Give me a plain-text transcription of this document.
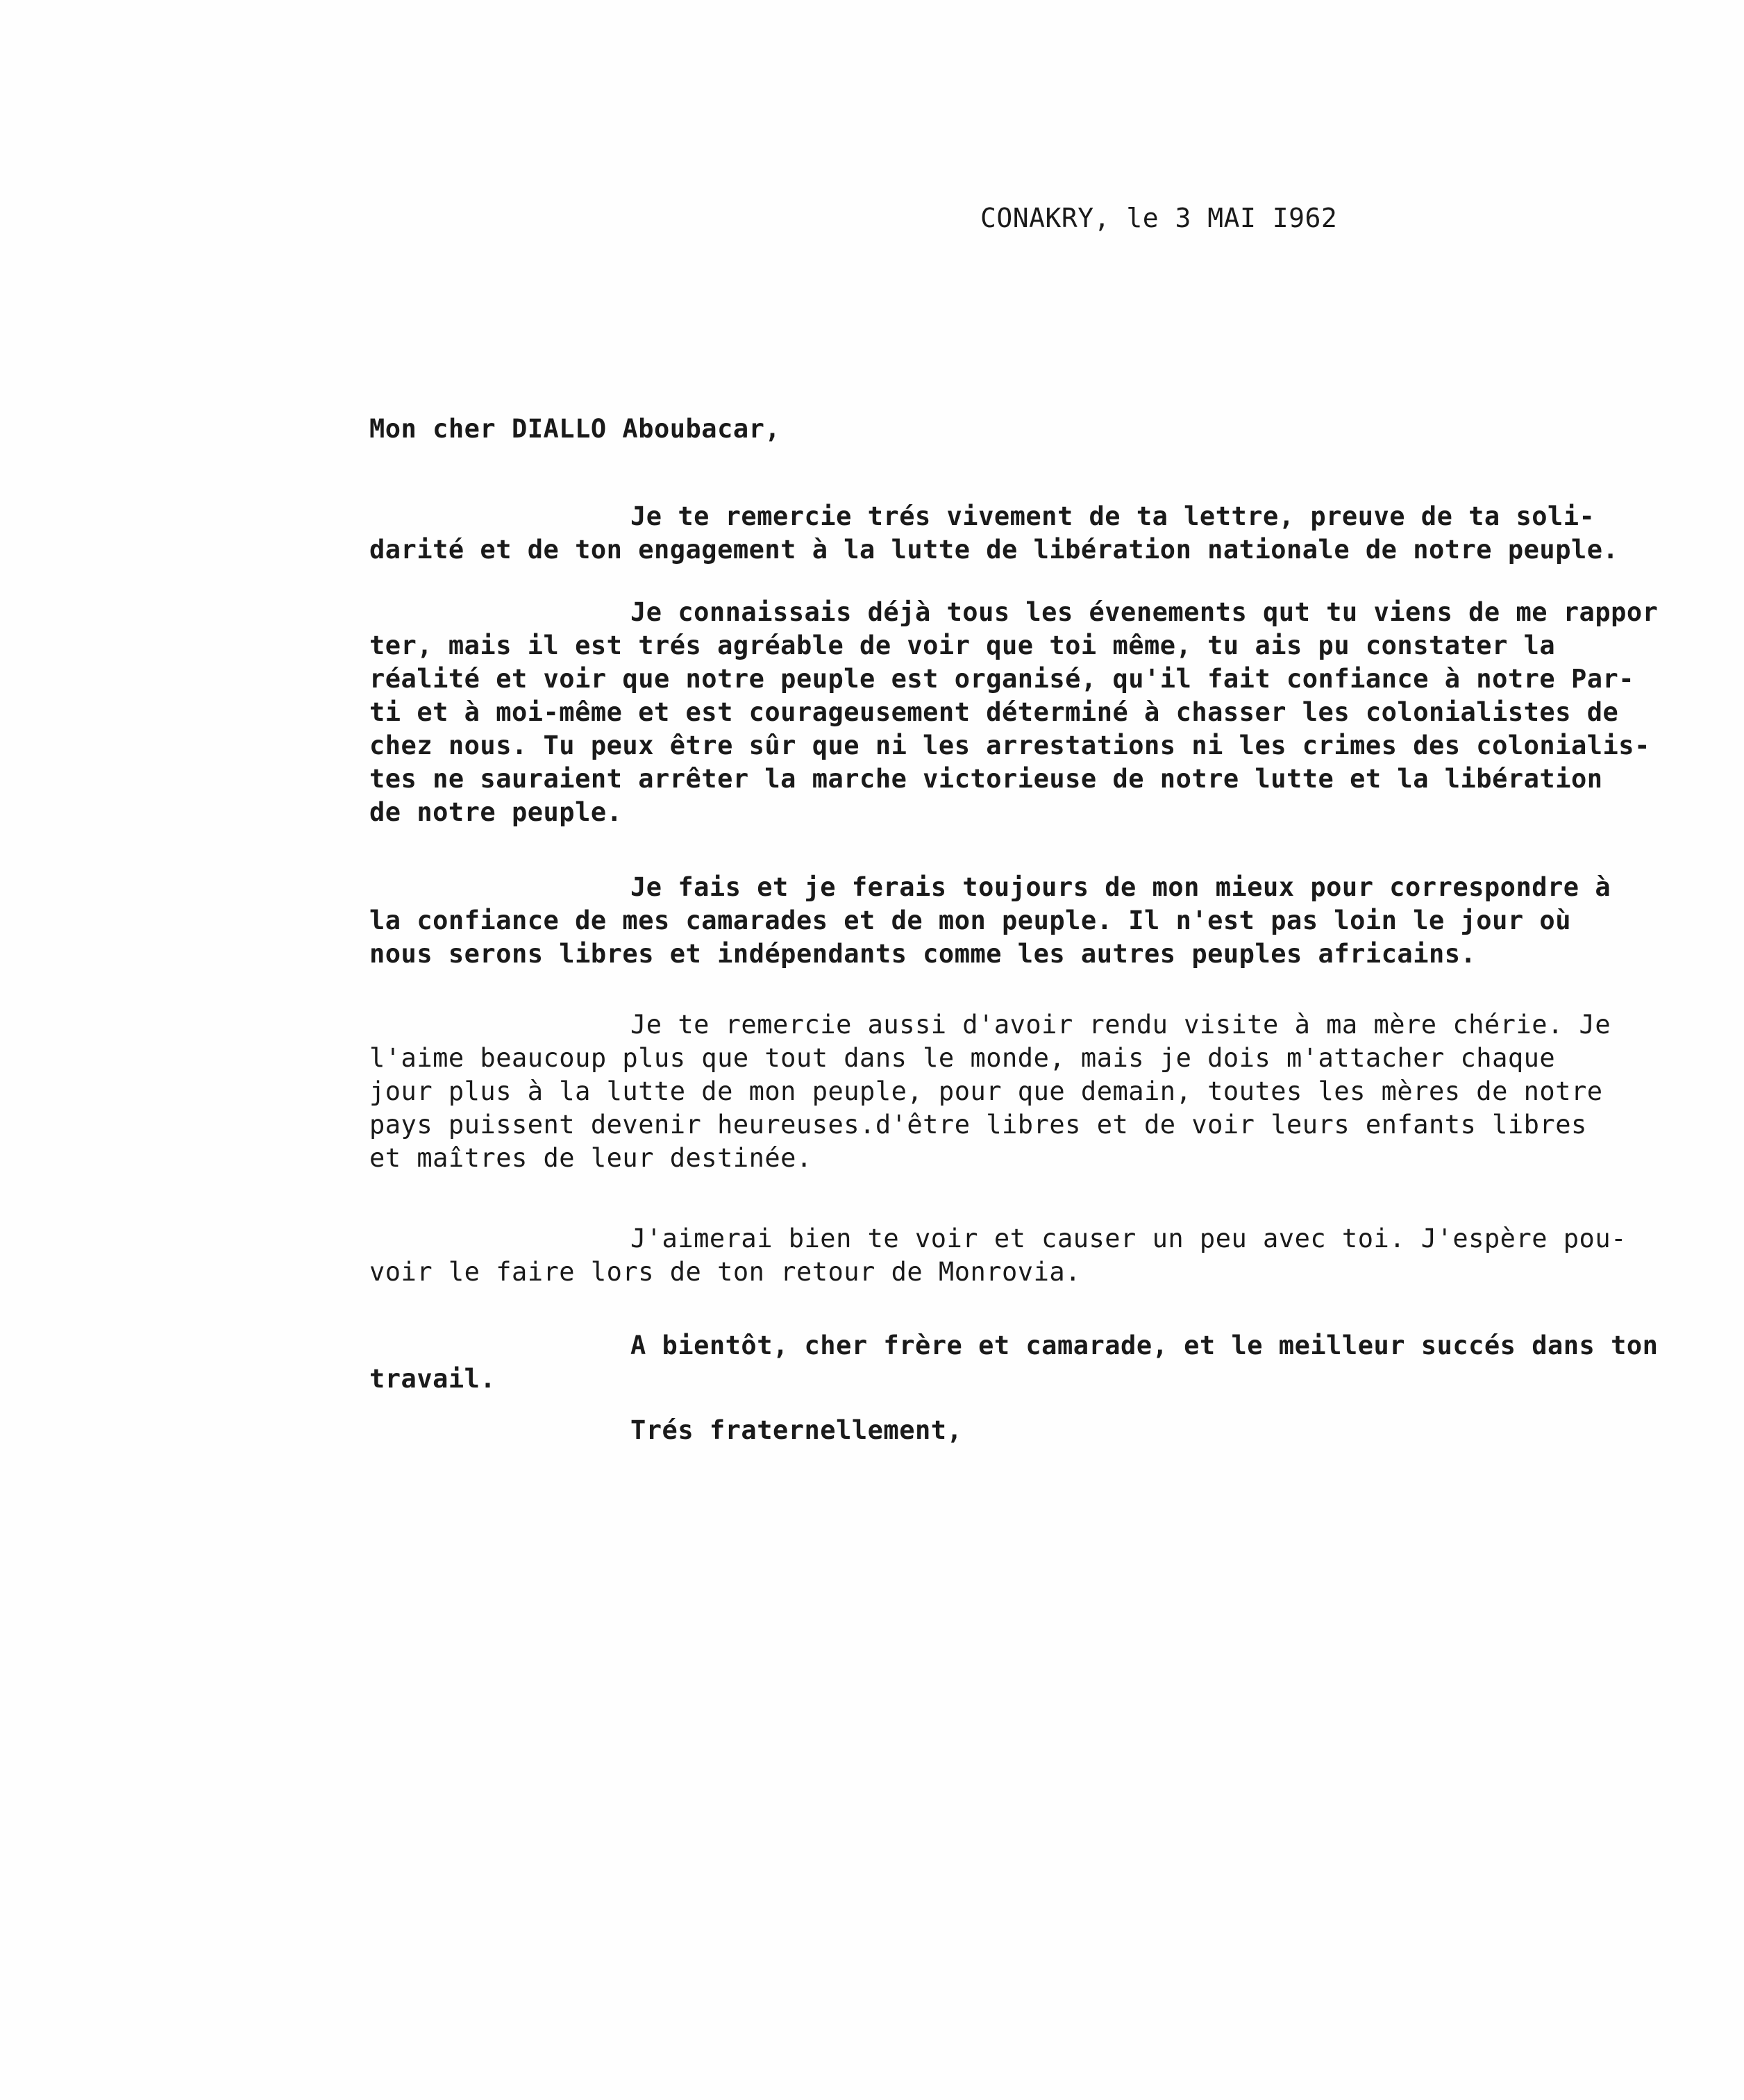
CONAKRY, le 3 MAI I962
Mon cher DIALLO Aboubacar,
Je te remercie trés vivement de ta lettre, preuve de ta soli-
darité et de ton engagement à la lutte de libération nationale de notre peuple.
Je connaissais déjà tous les évenements qut tu viens de me rappor
ter, mais il est trés agréable de voir que toi même, tu ais pu constater la
réalité et voir que notre peuple est organisé, qu'il fait confiance à notre Par-
ti et à moi-même et est courageusement déterminé à chasser les colonialistes de
chez nous. Tu peux être sûr que ni les arrestations ni les crimes des colonialis-
tes ne sauraient arrêter la marche victorieuse de notre lutte et la libération
de notre peuple.
Je fais et je ferais toujours de mon mieux pour correspondre à
la confiance de mes camarades et de mon peuple. Il n'est pas loin le jour où
nous serons libres et indépendants comme les autres peuples africains.
Je te remercie aussi d'avoir rendu visite à ma mère chérie. Je
l'aime beaucoup plus que tout dans le monde, mais je dois m'attacher chaque
jour plus à la lutte de mon peuple, pour que demain, toutes les mères de notre
pays puissent devenir heureuses.d'être libres et de voir leurs enfants libres
et maîtres de leur destinée.
J'aimerai bien te voir et causer un peu avec toi. J'espère pou-
voir le faire lors de ton retour de Monrovia.
A bientôt, cher frère et camarade, et le meilleur succés dans ton
travail.
Trés fraternellement,
